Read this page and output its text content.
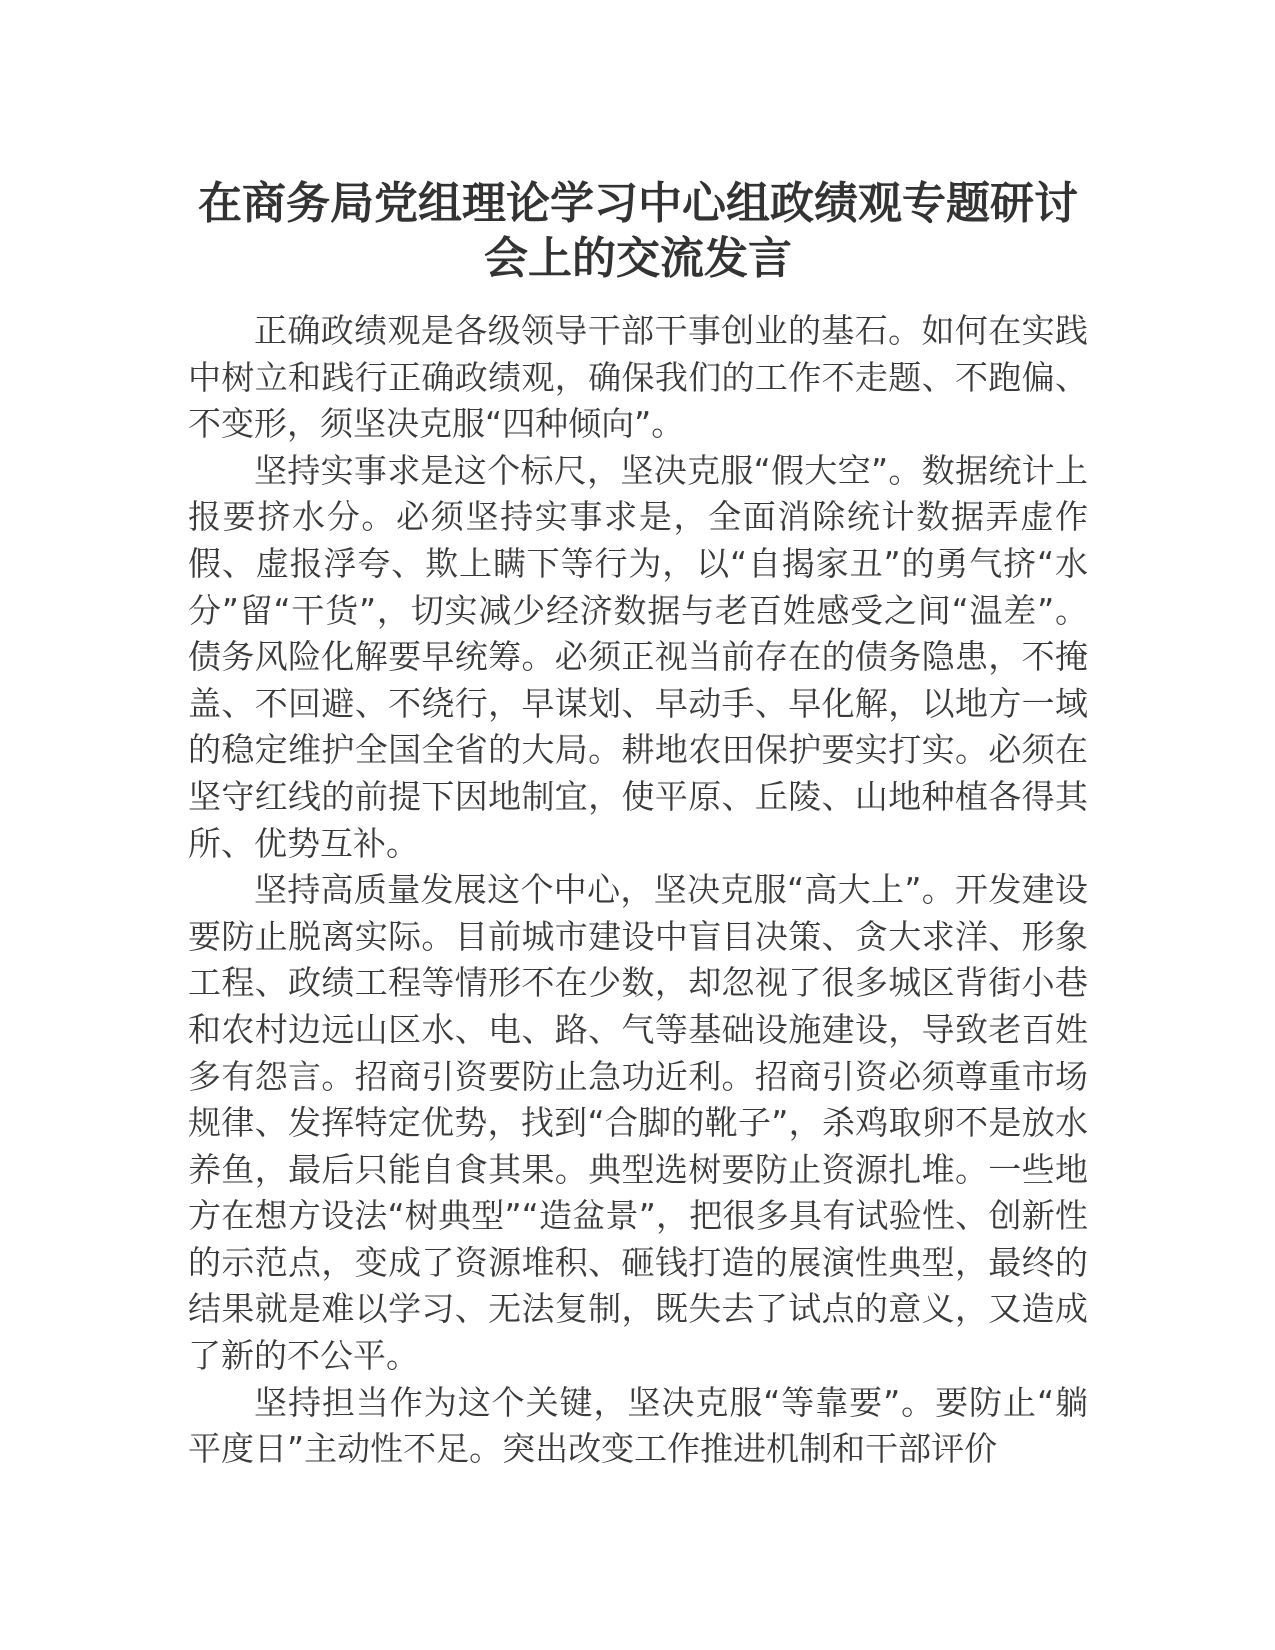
在商务局党组理论学习中心组政绩观专题研讨会上的交流发言

正确政绩观是各级领导干部干事创业的基石。如何在实践中树立和践行正确政绩观，确保我们的工作不走题、不跑偏、不变形，须坚决克服“四种倾向”。

坚持实事求是这个标尺，坚决克服“假大空”。数据统计上报要挤水分。必须坚持实事求是，全面消除统计数据弄虚作假、虚报浮夸、欺上瞒下等行为，以“自揭家丑”的勇气挤“水分”留“干货”，切实减少经济数据与老百姓感受之间“温差”。债务风险化解要早统筹。必须正视当前存在的债务隐患，不掩盖、不回避、不绕行，早谋划、早动手、早化解，以地方一域的稳定维护全国全省的大局。耕地农田保护要实打实。必须在坚守红线的前提下因地制宜，使平原、丘陵、山地种植各得其所、优势互补。

坚持高质量发展这个中心，坚决克服“高大上”。开发建设要防止脱离实际。目前城市建设中盲目决策、贪大求洋、形象工程、政绩工程等情形不在少数，却忽视了很多城区背街小巷和农村边远山区水、电、路、气等基础设施建设，导致老百姓多有怨言。招商引资要防止急功近利。招商引资必须尊重市场规律、发挥特定优势，找到“合脚的靴子”，杀鸡取卵不是放水养鱼，最后只能自食其果。典型选树要防止资源扎堆。一些地方在想方设法“树典型”“造盆景”，把很多具有试验性、创新性的示范点，变成了资源堆积、砸钱打造的展演性典型，最终的结果就是难以学习、无法复制，既失去了试点的意义，又造成了新的不公平。

坚持担当作为这个关键，坚决克服“等靠要”。要防止“躺平度日”主动性不足。突出改变工作推进机制和干部评价
